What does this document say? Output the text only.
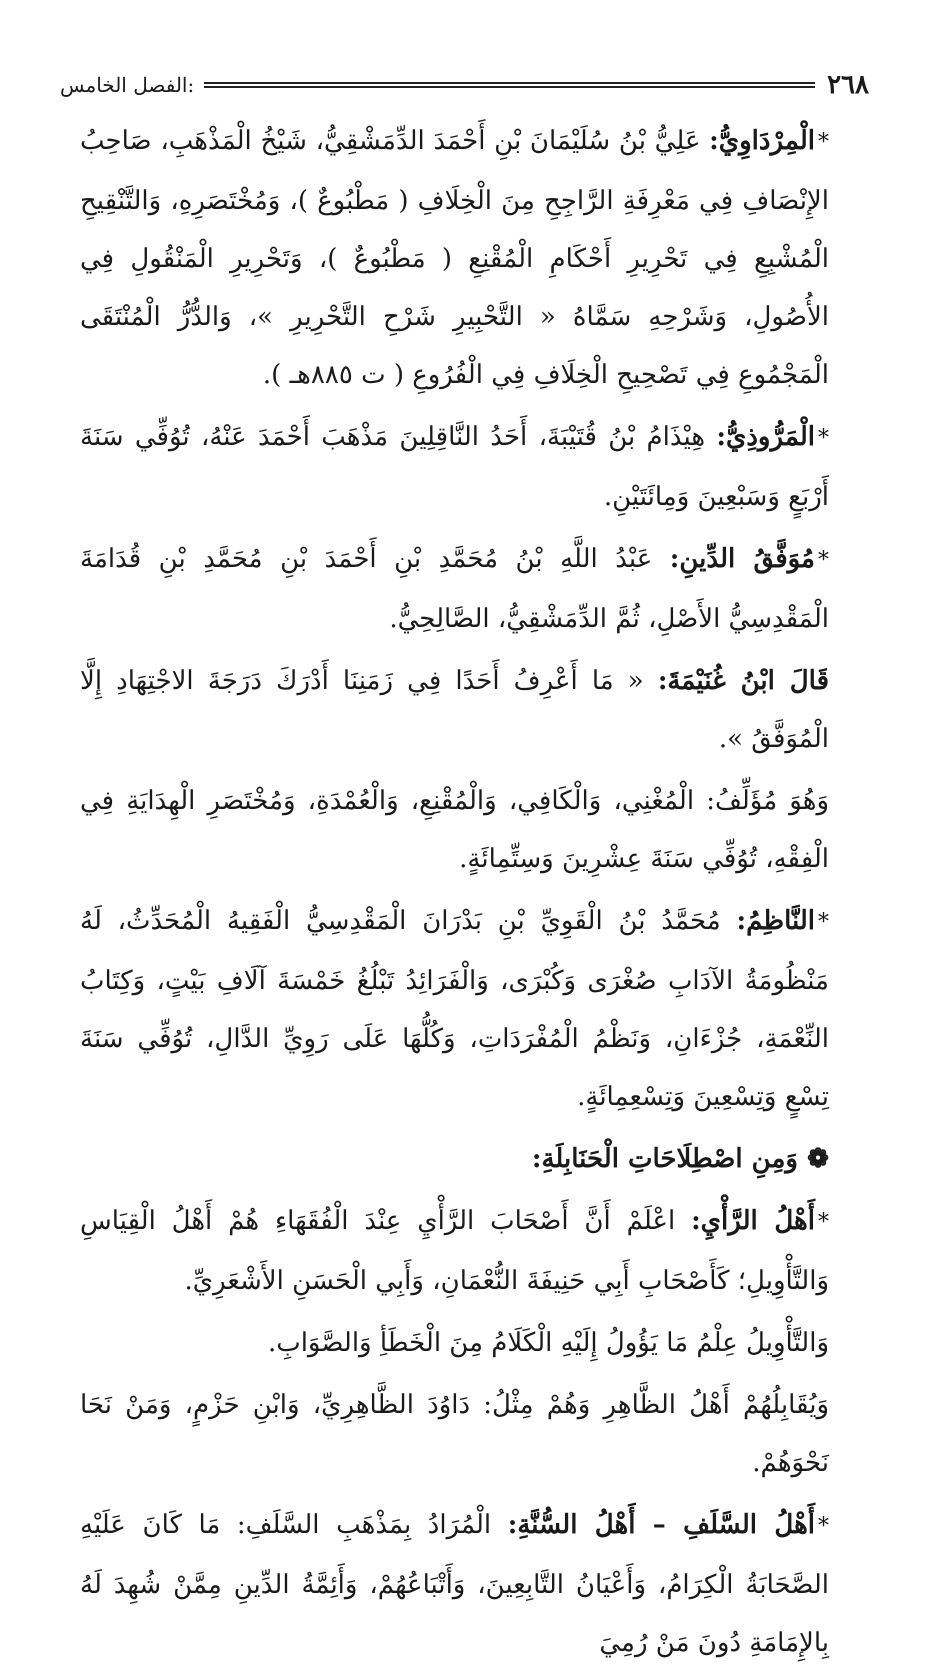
٢٦٨
الفصل الخامس:

*الْمِرْدَاوِيُّ: عَلِيُّ بْنُ سُلَيْمَانَ بْنِ أَحْمَدَ الدِّمَشْقِيُّ، شَيْخُ الْمَذْهَبِ، صَاحِبُ الإِنْصَافِ فِي مَعْرِفَةِ الرَّاجِحِ مِنَ الْخِلَافِ ( مَطْبُوعٌ )، وَمُخْتَصَرِهِ، وَالتَّنْقِيحِ الْمُشْبِعِ فِي تَحْرِيرِ أَحْكَامِ الْمُقْنِعِ ( مَطْبُوعٌ )، وَتَحْرِيرِ الْمَنْقُولِ فِي الأُصُولِ، وَشَرْحِهِ سَمَّاهُ « التَّحْبِيرِ شَرْحِ التَّحْرِيرِ »، وَالدُّرُّ الْمُنْتَقَى الْمَجْمُوعِ فِي تَصْحِيحِ الْخِلَافِ فِي الْفُرُوعِ ( ت ٨٨٥هـ ).

*الْمَرُّوذِيُّ: هِيْذَامُ بْنُ قُتَيْبَةَ، أَحَدُ النَّاقِلِينَ مَذْهَبَ أَحْمَدَ عَنْهُ، تُوُفِّي سَنَةَ أَرْبَعٍ وَسَبْعِينَ وَمِائَتَيْنِ.

*مُوَفَّقُ الدِّينِ: عَبْدُ اللَّهِ بْنُ مُحَمَّدِ بْنِ أَحْمَدَ بْنِ مُحَمَّدِ بْنِ قُدَامَةَ الْمَقْدِسِيُّ الأَصْلِ، ثُمَّ الدِّمَشْقِيُّ، الصَّالِحِيُّ.

قَالَ ابْنُ غُنَيْمَةَ: « مَا أَعْرِفُ أَحَدًا فِي زَمَنِنَا أَدْرَكَ دَرَجَةَ الاجْتِهَادِ إِلَّا الْمُوَفَّقُ ».

وَهُوَ مُؤَلِّفُ: الْمُغْنِي، وَالْكَافِي، وَالْمُقْنِعِ، وَالْعُمْدَةِ، وَمُخْتَصَرِ الْهِدَايَةِ فِي الْفِقْهِ، تُوُفِّي سَنَةَ عِشْرِينَ وَسِتِّمِائَةٍ.

*النَّاظِمُ: مُحَمَّدُ بْنُ الْقَوِيِّ بْنِ بَدْرَانَ الْمَقْدِسِيُّ الْفَقِيهُ الْمُحَدِّثُ، لَهُ مَنْظُومَةُ الآدَابِ صُغْرَى وَكُبْرَى، وَالْفَرَائِدُ تَبْلُغُ خَمْسَةَ آلَافِ بَيْتٍ، وَكِتَابُ النِّعْمَةِ، جُزْءَانِ، وَنَظْمُ الْمُفْرَدَاتِ، وَكُلُّهَا عَلَى رَوِيِّ الدَّالِ، تُوُفِّي سَنَةَ تِسْعٍ وَتِسْعِينَ وَتِسْعِمِائَةٍ.

❁ وَمِنِ اصْطِلَاحَاتِ الْحَنَابِلَةِ:

*أَهْلُ الرَّأْيِ: اعْلَمْ أَنَّ أَصْحَابَ الرَّأْيِ عِنْدَ الْفُقَهَاءِ هُمْ أَهْلُ الْقِيَاسِ وَالتَّأْوِيلِ؛ كَأَصْحَابِ أَبِي حَنِيفَةَ النُّعْمَانِ، وَأَبِي الْحَسَنِ الأَشْعَرِيِّ.

وَالتَّأْوِيلُ عِلْمُ مَا يَؤُولُ إِلَيْهِ الْكَلَامُ مِنَ الْخَطَأِ وَالصَّوَابِ.

وَيُقَابِلُهُمْ أَهْلُ الظَّاهِرِ وَهُمْ مِثْلُ: دَاوُدَ الظَّاهِرِيِّ، وَابْنِ حَزْمٍ، وَمَنْ نَحَا نَحْوَهُمْ.

*أَهْلُ السَّلَفِ – أَهْلُ السُّنَّةِ: الْمُرَادُ بِمَذْهَبِ السَّلَفِ: مَا كَانَ عَلَيْهِ الصَّحَابَةُ الْكِرَامُ، وَأَعْيَانُ التَّابِعِينَ، وَأَتْبَاعُهُمْ، وَأَئِمَّةُ الدِّينِ مِمَّنْ شُهِدَ لَهُ بِالإِمَامَةِ دُونَ مَنْ رُمِيَ
